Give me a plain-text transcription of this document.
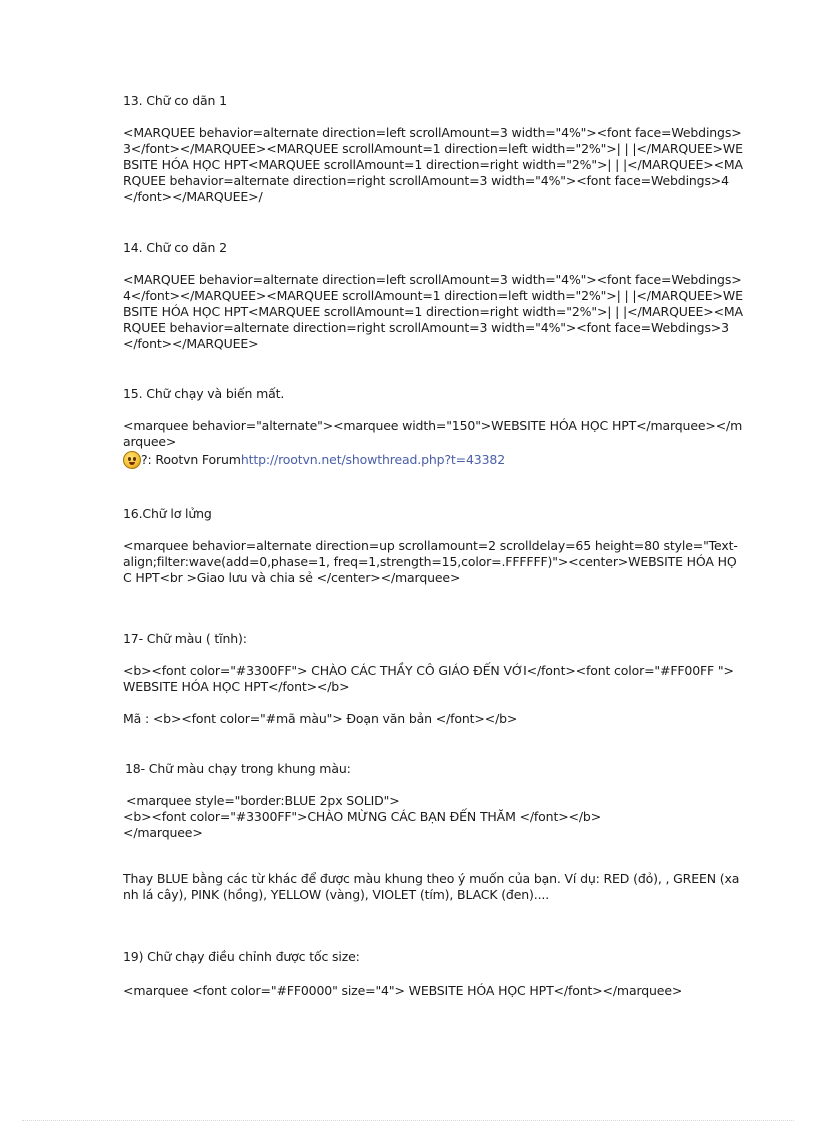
13. Chữ co dãn 1

<MARQUEE behavior=alternate direction=left scrollAmount=3 width="4%"><font face=Webdings>3</font></MARQUEE><MARQUEE scrollAmount=1 direction=left width="2%">| | |</MARQUEE>WEBSITE HÓA HỌC HPT<MARQUEE scrollAmount=1 direction=right width="2%">| | |</MARQUEE><MARQUEE behavior=alternate direction=right scrollAmount=3 width="4%"><font face=Webdings>4</font></MARQUEE>/

14. Chữ co dãn 2

<MARQUEE behavior=alternate direction=left scrollAmount=3 width="4%"><font face=Webdings>4</font></MARQUEE><MARQUEE scrollAmount=1 direction=left width="2%">| | |</MARQUEE>WEBSITE HÓA HỌC HPT<MARQUEE scrollAmount=1 direction=right width="2%">| | |</MARQUEE><MARQUEE behavior=alternate direction=right scrollAmount=3 width="4%"><font face=Webdings>3</font></MARQUEE>

15. Chữ chạy và biến mất.

<marquee behavior="alternate"><marquee width="150">WEBSITE HÓA HỌC HPT</marquee></marquee>

?: Rootvn Forum http://rootvn.net/showthread.php?t=43382

16.Chữ lơ lửng

<marquee behavior=alternate direction=up scrollamount=2 scrolldelay=65 height=80 style="Text-align;filter:wave(add=0,phase=1, freq=1,strength=15,color=.FFFFFF)"><center>WEBSITE HÓA HỌC HPT<br >Giao lưu và chia sẻ </center></marquee>

17- Chữ màu ( tĩnh):

<b><font color="#3300FF"> CHÀO CÁC THẦY CÔ GIÁO ĐẾN VỚI</font><font color="#FF00FF "> WEBSITE HÓA HỌC HPT</font></b>

Mã : <b><font color="#mã màu"> Đoạn văn bản </font></b>

18- Chữ màu chạy trong khung màu:

<marquee style="border:BLUE 2px SOLID">

<b><font color="#3300FF">CHÀO MỪNG CÁC BẠN ĐẾN THĂM </font></b>

</marquee>

Thay BLUE bằng các từ khác để được màu khung theo ý muốn của bạn. Ví dụ: RED (đỏ), , GREEN (xanh lá cây), PINK (hồng), YELLOW (vàng), VIOLET (tím), BLACK (đen)....

19) Chữ chạy điều chỉnh được tốc size:

<marquee <font color="#FF0000" size="4"> WEBSITE HÓA HỌC HPT</font></marquee>
